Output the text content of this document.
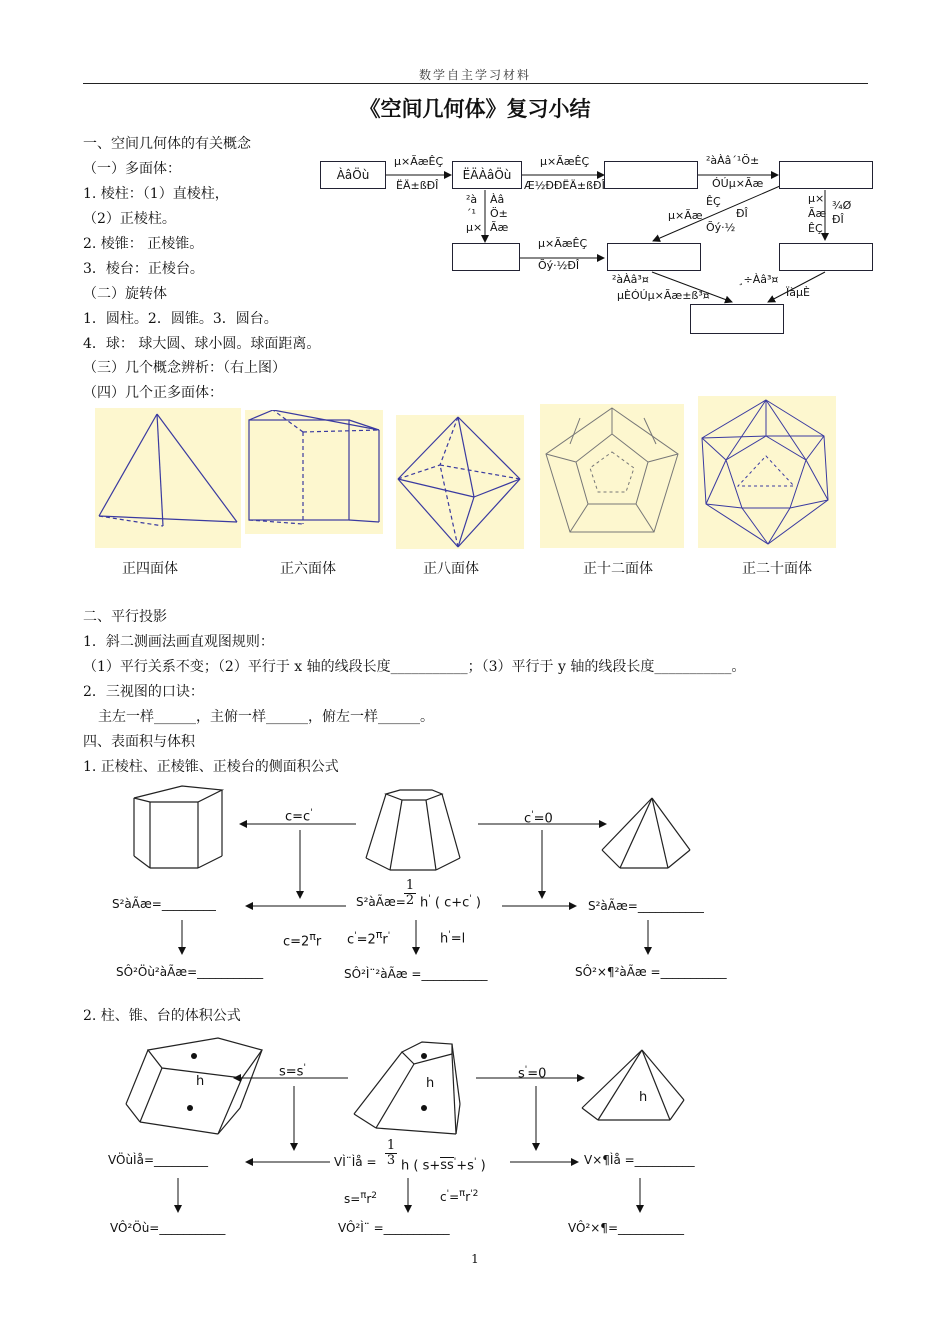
数学自主学习材料
《空间几何体》复习小结
一、空间几何体的有关概念
（一）多面体：
1. 棱柱：（1）直棱柱，
（2）正棱柱。
2. 棱锥： 正棱锥。
3．棱台：正棱台。
（二）旋转体
1．圆柱。2．圆锥。3．圆台。
4．球： 球大圆、球小圆。球面距离。
（三）几个概念辨析：（右上图）
（四）几个正多面体：
ÀâÖù	ËÄÀâÖù
µ×ÃæÊÇ
ËÄ±ßÐÎ
µ×ÃæÊÇ
Æ½ÐÐËÄ±ßÐÎ
²àÀâ´¹Ö±
ÓÚµ×Ãæ
²à Àâ
´¹ Ö±
µ× Ãæ
µ×ÃæÊÇ
Õý·½ÐÎ
µ×Ãæ
ÊÇ
Õý·½
ÐÎ
µ×
Ãæ
ÊÇ
¾Ø
ÐÎ
²àÀâ³¤
µÈÓÚµ×Ãæ±ß³¤
¸÷Àâ³¤
ÏàµÈ
正四面体	正六面体	正八面体	正十二面体	正二十面体
二、平行投影
1．斜二测画法画直观图规则：
（1）平行关系不变；（2）平行于 x 轴的线段长度___________；（3）平行于 y 轴的线段长度___________。
2．三视图的口诀：
主左一样______，主俯一样______，俯左一样______。
四、表面积与体积
1. 正棱柱、正棱锥、正棱台的侧面积公式
c=c'	c'=0
S²àÃæ=_________	S²àÃæ=
$\frac{1}{2} h'$ ( c+c' )	S²àÃæ=___________
$c=2^\pi r$ $c'=2^\pi r'$	h'=l
SÔ²Öù²àÃæ=___________	SÔ²Ì¨²àÃæ =___________	SÔ²×¶²àÃæ =___________
2. 柱、锥、台的体积公式
h	h
h
s=s'	s'=0
VÖùÌå=_________	VÌ¨Ìå = $\frac{1}{3}$ h ( s+ss'+s' )	V×¶Ìå =__________
$s=^\pi r^2$	$c'=^\pi r^{'2}$
VÔ²Öù=___________	VÔ²Ì¨ =___________	VÔ²×¶=___________
1
